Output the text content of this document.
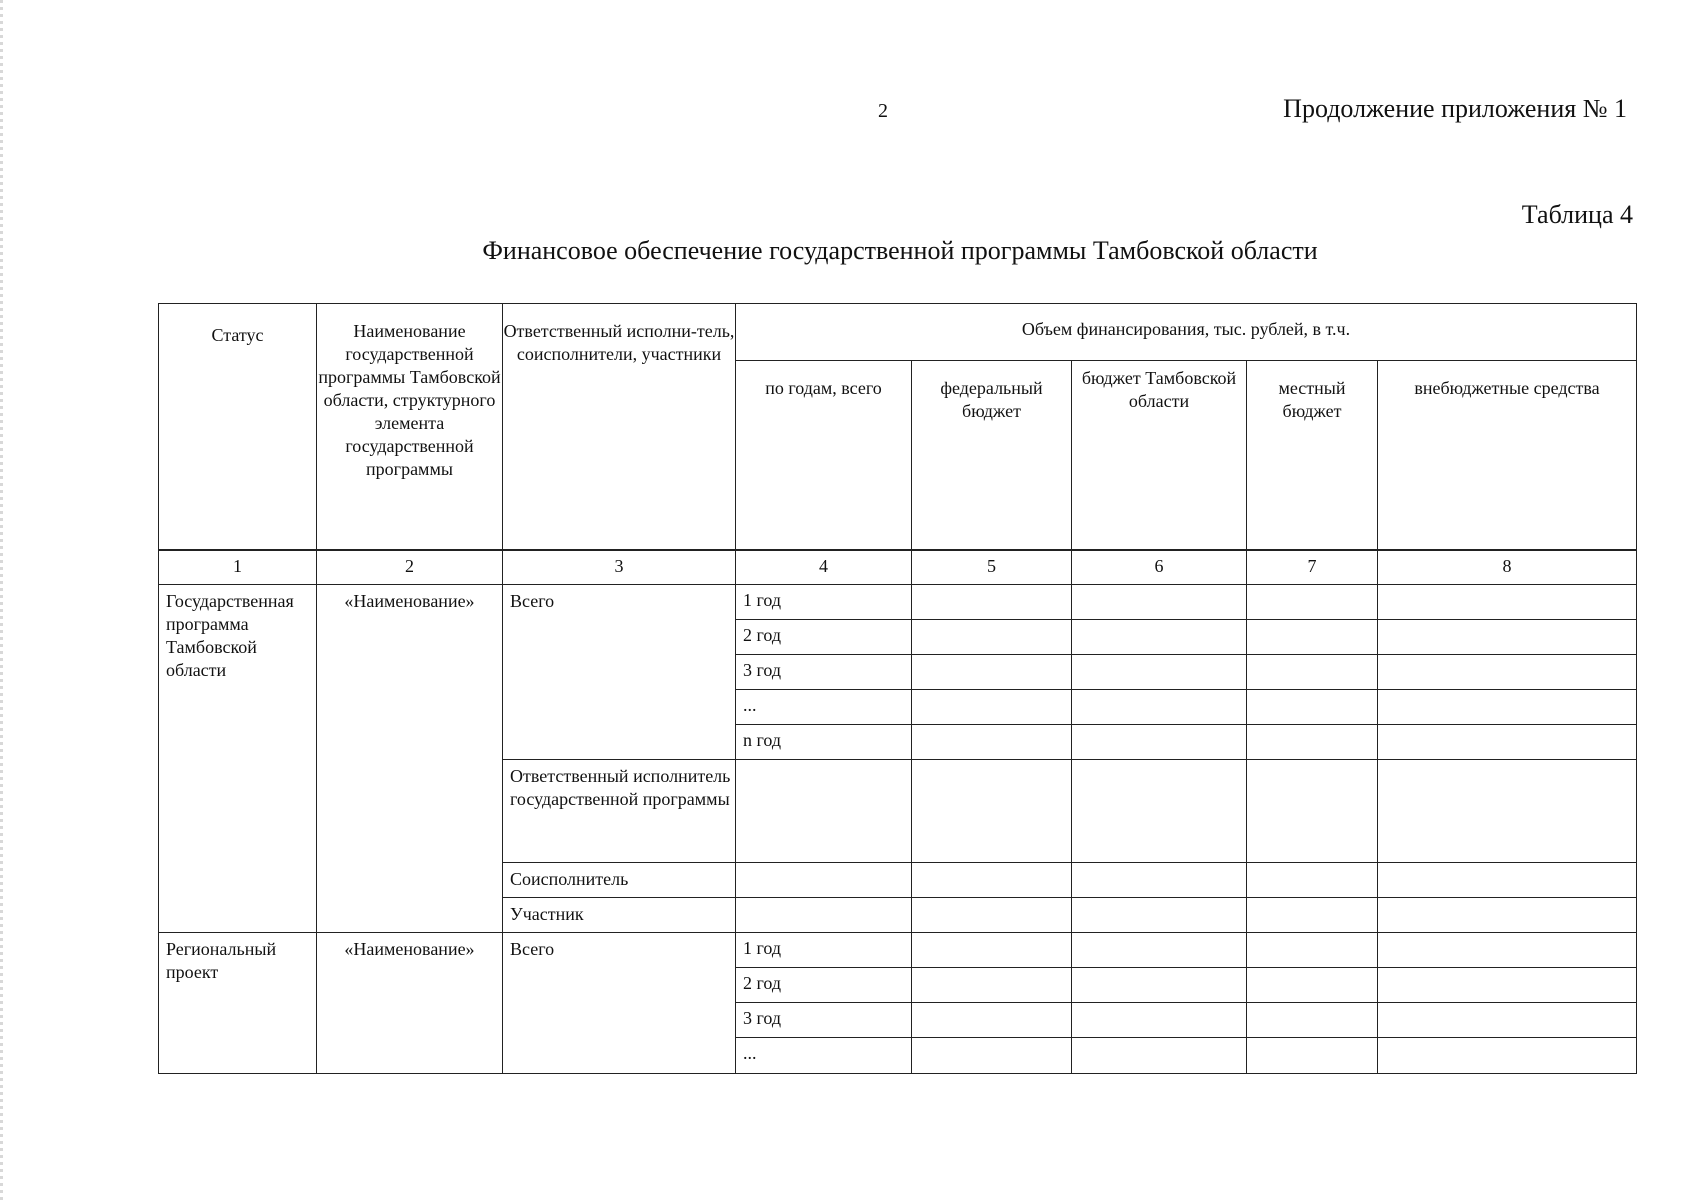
2	Продолжение приложения № 1
Таблица 4
Финансовое обеспечение государственной программы Тамбовской области
Статус	Наименование государственной программы Тамбовской области, структурного элемента государственной программы	Ответственный исполни-тель, соисполнители, участники	Объем финансирования, тыс. рублей, в т.ч.				
			по годам, всего	федеральный бюджет	бюджет Тамбовской области	местный бюджет	внебюджетные средства
1	2	3	4	5	6	7	8
Государственная программа Тамбовской области	«Наименование»	Всего	1 год				
			2 год				
			3 год				
			...				
			n год				
		Ответственный исполнитель государственной программы					
		Соисполнитель					
		Участник					
Региональный проект	«Наименование»	Всего	1 год				
			2 год				
			3 год				
			...				
